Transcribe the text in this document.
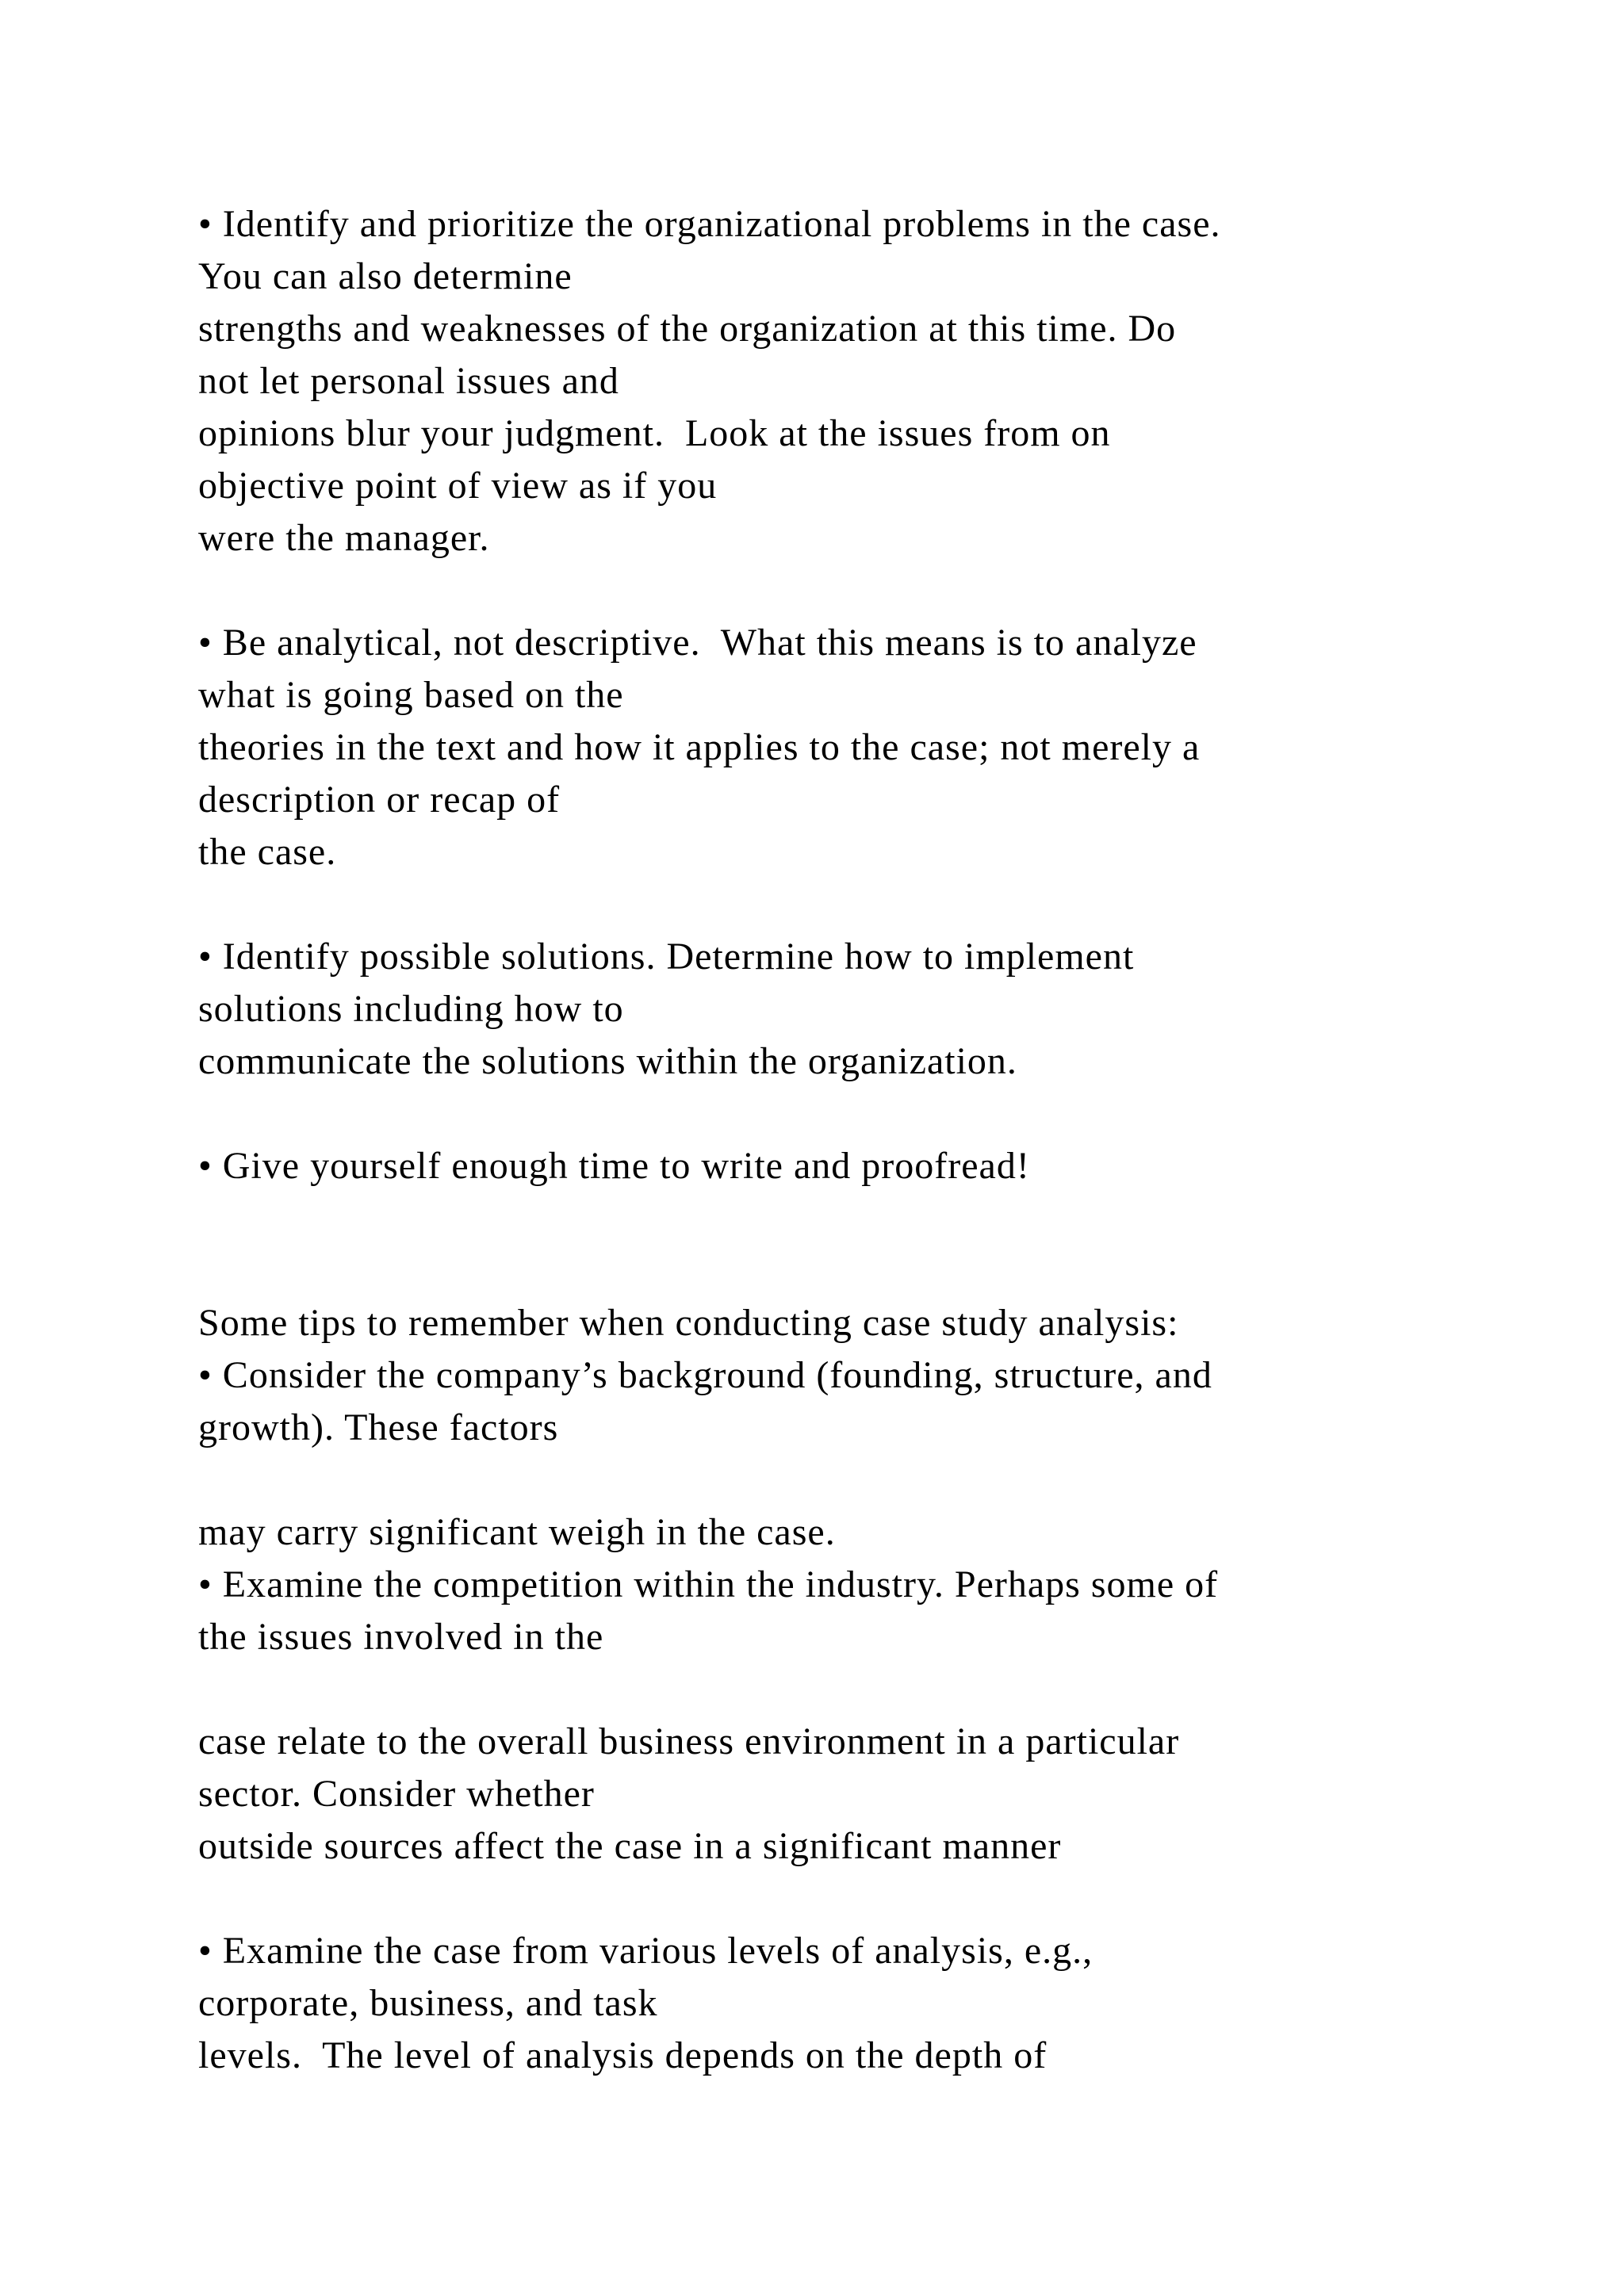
• Identify and prioritize the organizational problems in the case.

You can also determine

strengths and weaknesses of the organization at this time. Do

not let personal issues and

opinions blur your judgment.  Look at the issues from on

objective point of view as if you

were the manager.

• Be analytical, not descriptive.  What this means is to analyze

what is going based on the

theories in the text and how it applies to the case; not merely a

description or recap of

the case.

• Identify possible solutions. Determine how to implement

solutions including how to

communicate the solutions within the organization.

• Give yourself enough time to write and proofread!

Some tips to remember when conducting case study analysis:

• Consider the company’s background (founding, structure, and

growth). These factors

may carry significant weigh in the case.

• Examine the competition within the industry. Perhaps some of

the issues involved in the

case relate to the overall business environment in a particular

sector. Consider whether

outside sources affect the case in a significant manner

• Examine the case from various levels of analysis, e.g.,

corporate, business, and task

levels.  The level of analysis depends on the depth of
